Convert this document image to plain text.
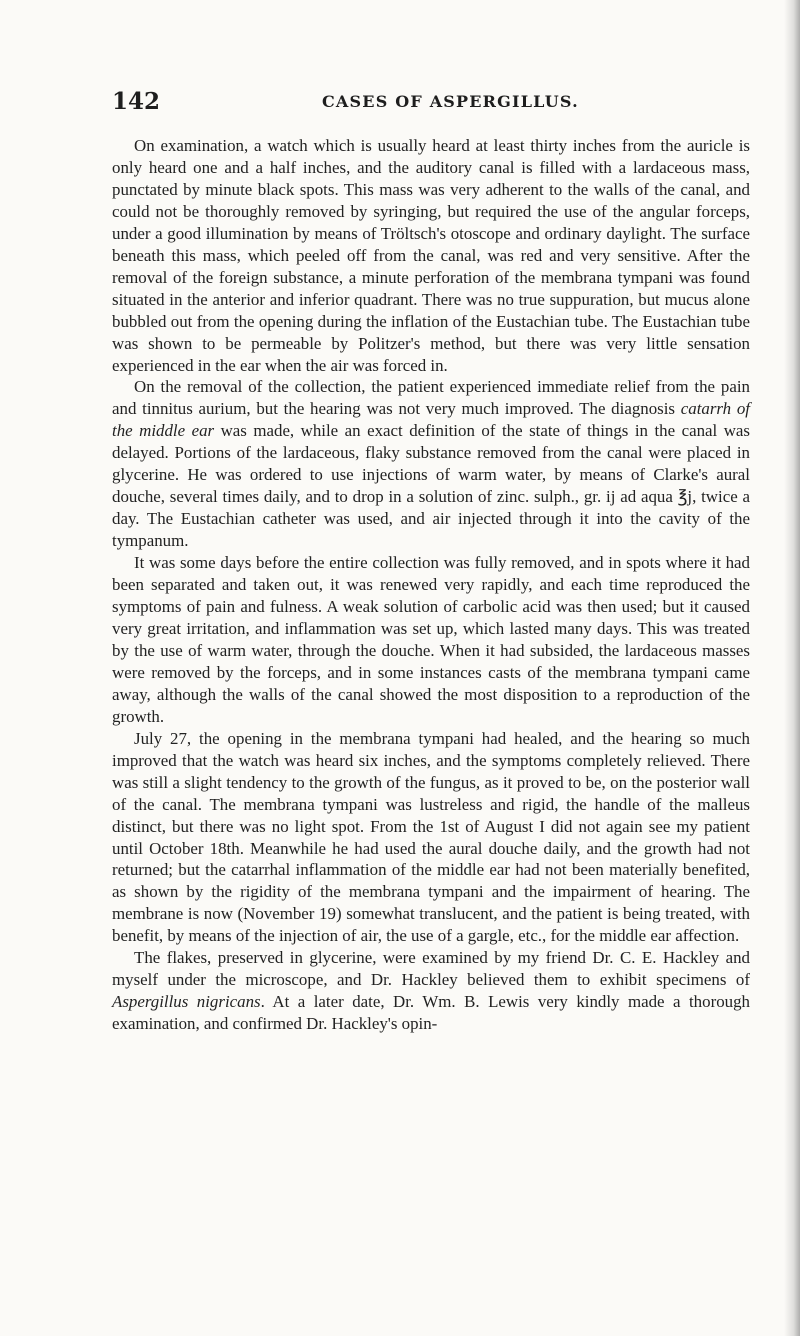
142	CASES OF ASPERGILLUS.

On examination, a watch which is usually heard at least thirty inches from the auricle is only heard one and a half inches, and the auditory canal is filled with a lardaceous mass, punctated by minute black spots. This mass was very adherent to the walls of the canal, and could not be thoroughly removed by syringing, but required the use of the angular forceps, under a good illumination by means of Tröltsch's otoscope and ordinary daylight. The surface beneath this mass, which peeled off from the canal, was red and very sensitive. After the removal of the foreign substance, a minute perforation of the membrana tympani was found situated in the anterior and inferior quadrant. There was no true suppuration, but mucus alone bubbled out from the opening during the inflation of the Eustachian tube. The Eustachian tube was shown to be permeable by Politzer's method, but there was very little sensation experienced in the ear when the air was forced in.

On the removal of the collection, the patient experienced immediate relief from the pain and tinnitus aurium, but the hearing was not very much improved. The diagnosis catarrh of the middle ear was made, while an exact definition of the state of things in the canal was delayed. Portions of the lardaceous, flaky substance removed from the canal were placed in glycerine. He was ordered to use injections of warm water, by means of Clarke's aural douche, several times daily, and to drop in a solution of zinc. sulph., gr. ij ad aqua ℥j, twice a day. The Eustachian catheter was used, and air injected through it into the cavity of the tympanum.

It was some days before the entire collection was fully removed, and in spots where it had been separated and taken out, it was renewed very rapidly, and each time reproduced the symptoms of pain and fulness. A weak solution of carbolic acid was then used; but it caused very great irritation, and inflammation was set up, which lasted many days. This was treated by the use of warm water, through the douche. When it had subsided, the lardaceous masses were removed by the forceps, and in some instances casts of the membrana tympani came away, although the walls of the canal showed the most disposition to a reproduction of the growth.

July 27, the opening in the membrana tympani had healed, and the hearing so much improved that the watch was heard six inches, and the symptoms completely relieved. There was still a slight tendency to the growth of the fungus, as it proved to be, on the posterior wall of the canal. The membrana tympani was lustreless and rigid, the handle of the malleus distinct, but there was no light spot. From the 1st of August I did not again see my patient until October 18th. Meanwhile he had used the aural douche daily, and the growth had not returned; but the catarrhal inflammation of the middle ear had not been materially benefited, as shown by the rigidity of the membrana tympani and the impairment of hearing. The membrane is now (November 19) somewhat translucent, and the patient is being treated, with benefit, by means of the injection of air, the use of a gargle, etc., for the middle ear affection.

The flakes, preserved in glycerine, were examined by my friend Dr. C. E. Hackley and myself under the microscope, and Dr. Hackley believed them to exhibit specimens of Aspergillus nigricans. At a later date, Dr. Wm. B. Lewis very kindly made a thorough examination, and confirmed Dr. Hackley's opin-
